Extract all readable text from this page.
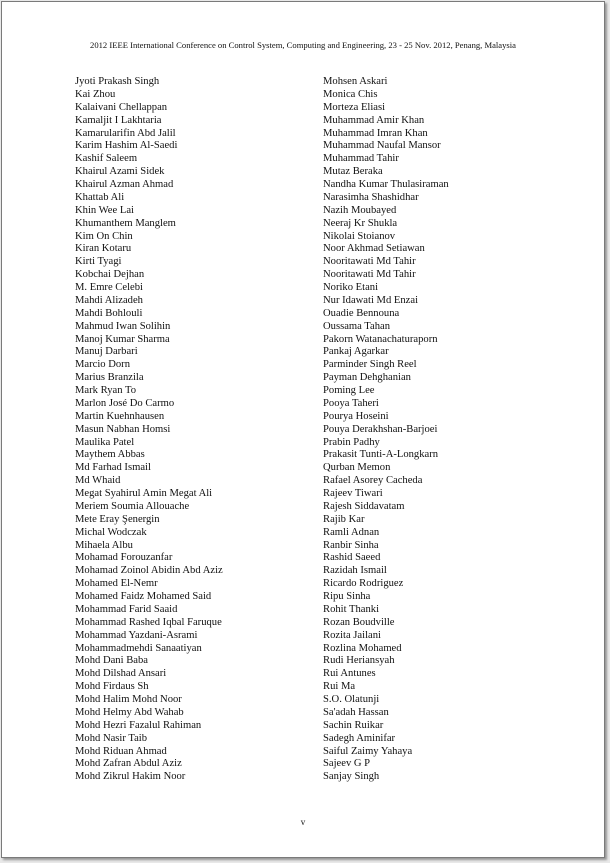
2012 IEEE International Conference on Control System, Computing and Engineering, 23 - 25 Nov. 2012, Penang, Malaysia
Jyoti Prakash Singh
Kai Zhou
Kalaivani Chellappan
Kamaljit I Lakhtaria
Kamarularifin Abd Jalil
Karim Hashim Al-Saedi
Kashif Saleem
Khairul Azami Sidek
Khairul Azman Ahmad
Khattab Ali
Khin Wee Lai
Khumanthem Manglem
Kim On Chin
Kiran Kotaru
Kirti Tyagi
Kobchai Dejhan
M. Emre Celebi
Mahdi Alizadeh
Mahdi Bohlouli
Mahmud Iwan Solihin
Manoj Kumar Sharma
Manuj Darbari
Marcio Dorn
Marius Branzila
Mark Ryan To
Marlon José Do Carmo
Martin Kuehnhausen
Masun Nabhan Homsi
Maulika Patel
Maythem Abbas
Md Farhad Ismail
Md Whaid
Megat Syahirul Amin Megat Ali
Meriem Soumia Allouache
Mete Eray Şenergin
Michal Wodczak
Mihaela Albu
Mohamad Forouzanfar
Mohamad Zoinol Abidin Abd Aziz
Mohamed El-Nemr
Mohamed Faidz Mohamed Said
Mohammad Farid Saaid
Mohammad Rashed Iqbal Faruque
Mohammad Yazdani-Asrami
Mohammadmehdi Sanaatiyan
Mohd Dani Baba
Mohd Dilshad Ansari
Mohd Firdaus Sh
Mohd Halim Mohd Noor
Mohd Helmy Abd Wahab
Mohd Hezri Fazalul Rahiman
Mohd Nasir Taib
Mohd Riduan Ahmad
Mohd Zafran Abdul Aziz
Mohd Zikrul Hakim Noor
Mohsen Askari
Monica Chis
Morteza Eliasi
Muhammad Amir Khan
Muhammad Imran Khan
Muhammad Naufal Mansor
Muhammad Tahir
Mutaz Beraka
Nandha Kumar Thulasiraman
Narasimha Shashidhar
Nazih Moubayed
Neeraj Kr Shukla
Nikolai Stoianov
Noor Akhmad Setiawan
Nooritawati Md Tahir
Nooritawati Md Tahir
Noriko Etani
Nur Idawati Md Enzai
Ouadie Bennouna
Oussama Tahan
Pakorn Watanachaturaporn
Pankaj Agarkar
Parminder Singh Reel
Payman Dehghanian
Poming Lee
Pooya Taheri
Pourya Hoseini
Pouya Derakhshan-Barjoei
Prabin Padhy
Prakasit Tunti-A-Longkarn
Qurban Memon
Rafael Asorey Cacheda
Rajeev Tiwari
Rajesh Siddavatam
Rajib Kar
Ramli Adnan
Ranbir Sinha
Rashid Saeed
Razidah Ismail
Ricardo Rodriguez
Ripu Sinha
Rohit Thanki
Rozan Boudville
Rozita Jailani
Rozlina Mohamed
Rudi Heriansyah
Rui Antunes
Rui Ma
S.O. Olatunji
Sa'adah Hassan
Sachin Ruikar
Sadegh Aminifar
Saiful Zaimy Yahaya
Sajeev G P
Sanjay Singh
v
